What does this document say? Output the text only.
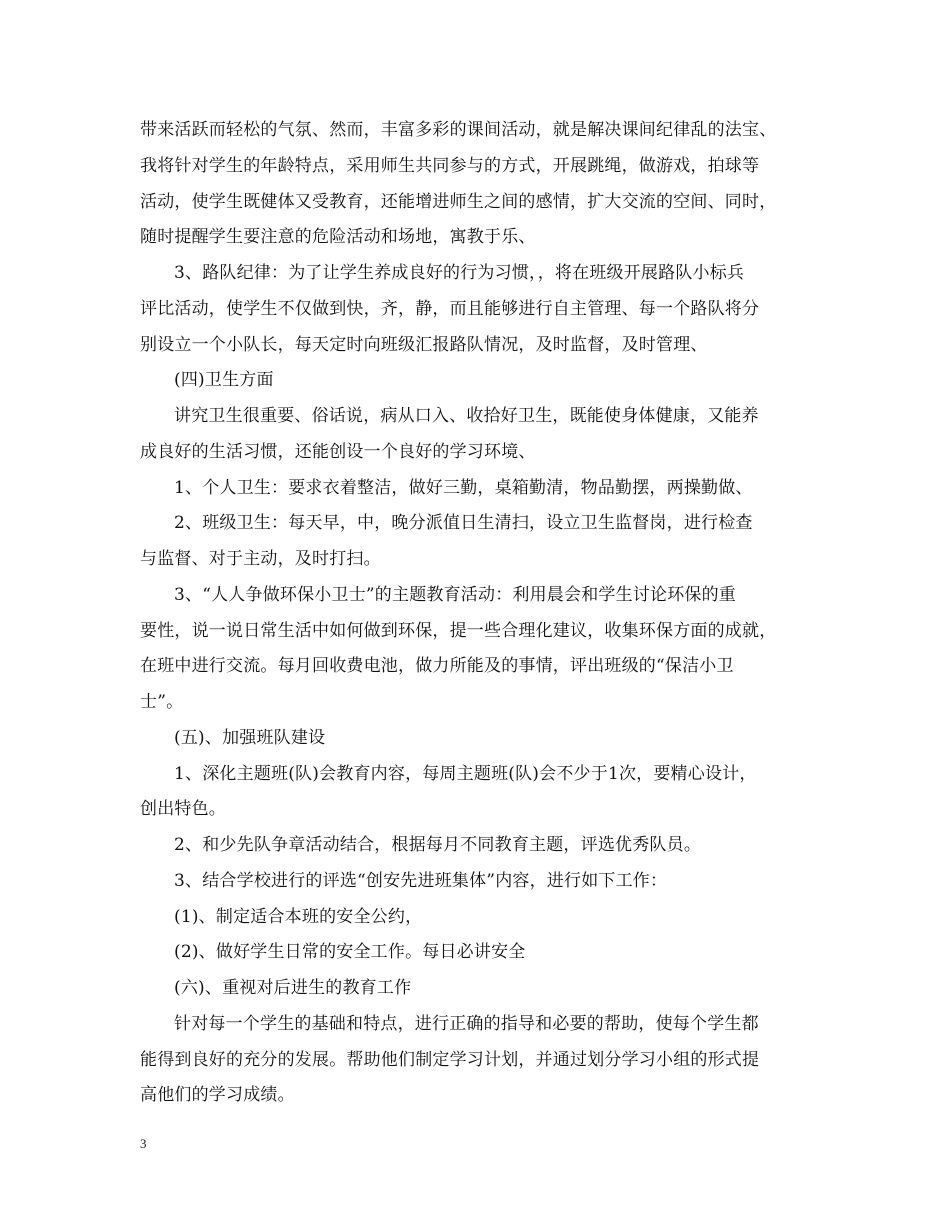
带来活跃而轻松的气氛、然而，丰富多彩的课间活动，就是解决课间纪律乱的法宝、
我将针对学生的年龄特点，采用师生共同参与的方式，开展跳绳，做游戏，拍球等
活动，使学生既健体又受教育，还能增进师生之间的感情，扩大交流的空间、同时，
随时提醒学生要注意的危险活动和场地，寓教于乐、
3、路队纪律：为了让学生养成良好的行为习惯，，将在班级开展路队小标兵
评比活动，使学生不仅做到快，齐，静，而且能够进行自主管理、每一个路队将分
别设立一个小队长，每天定时向班级汇报路队情况，及时监督，及时管理、
(四)卫生方面
讲究卫生很重要、俗话说，病从口入、收拾好卫生，既能使身体健康，又能养
成良好的生活习惯，还能创设一个良好的学习环境、
1、个人卫生：要求衣着整洁，做好三勤，桌箱勤清，物品勤摆，两操勤做、
2、班级卫生：每天早，中，晚分派值日生清扫，设立卫生监督岗，进行检查
与监督、对于主动，及时打扫。
3、“人人争做环保小卫士”的主题教育活动：利用晨会和学生讨论环保的重
要性，说一说日常生活中如何做到环保，提一些合理化建议，收集环保方面的成就，
在班中进行交流。每月回收费电池，做力所能及的事情，评出班级的“保洁小卫
士”。
(五)、加强班队建设
1、深化主题班(队)会教育内容，每周主题班(队)会不少于1次，要精心设计，
创出特色。
2、和少先队争章活动结合，根据每月不同教育主题，评选优秀队员。
3、结合学校进行的评选“创安先进班集体”内容，进行如下工作：
(1)、制定适合本班的安全公约，
(2)、做好学生日常的安全工作。每日必讲安全
(六)、重视对后进生的教育工作
针对每一个学生的基础和特点，进行正确的指导和必要的帮助，使每个学生都
能得到良好的充分的发展。帮助他们制定学习计划，并通过划分学习小组的形式提
高他们的学习成绩。
3
